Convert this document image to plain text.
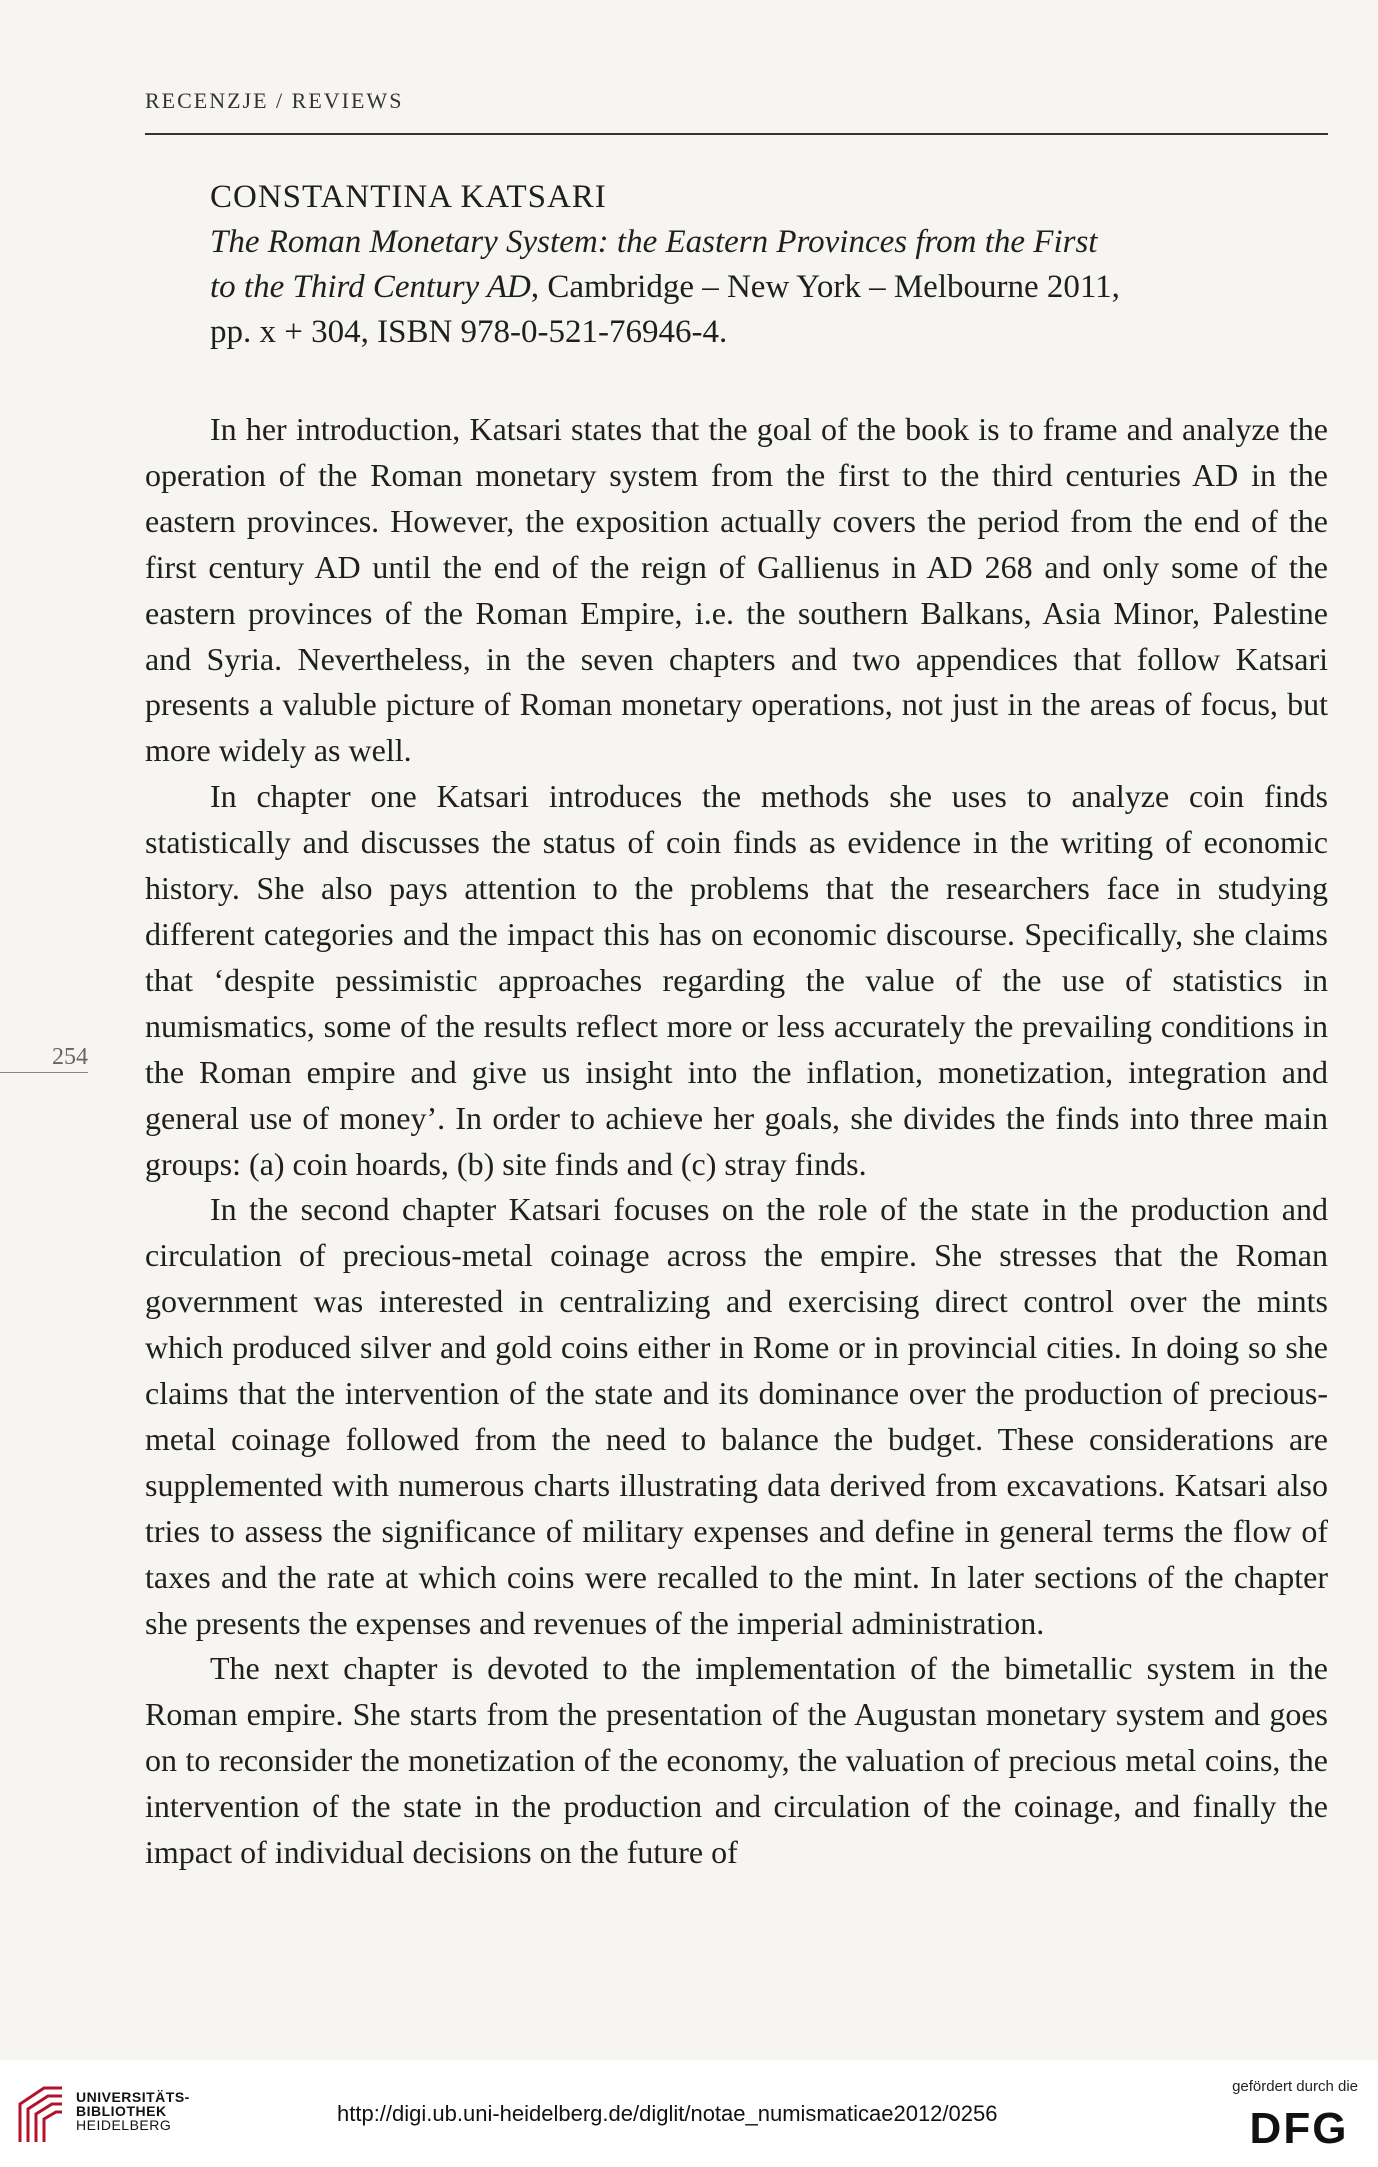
RECENZJE / REVIEWS
CONSTANTINA KATSARI
The Roman Monetary System: the Eastern Provinces from the First
to the Third Century AD, Cambridge – New York – Melbourne 2011,
pp. x + 304, ISBN 978-0-521-76946-4.

In her introduction, Katsari states that the goal of the book is to frame and analyze the operation of the Roman monetary system from the first to the third centuries AD in the eastern provinces. However, the exposition actually covers the period from the end of the first century AD until the end of the reign of Gallienus in AD 268 and only some of the eastern provinces of the Roman Empire, i.e. the southern Balkans, Asia Minor, Palestine and Syria. Nevertheless, in the seven chapters and two appendices that follow Katsari presents a valuble picture of Roman monetary operations, not just in the areas of focus, but more widely as well.

In chapter one Katsari introduces the methods she uses to analyze coin finds statistically and discusses the status of coin finds as evidence in the writing of economic history. She also pays attention to the problems that the researchers face in studying different categories and the impact this has on economic discourse. Specifically, she claims that ‘despite pessimistic approaches regarding the value of the use of statistics in numismatics, some of the results reflect more or less accurately the prevailing conditions in the Roman empire and give us insight into the inflation, monetization, integration and general use of money’. In order to achieve her goals, she divides the finds into three main groups: (a) coin hoards, (b) site finds and (c) stray finds.

In the second chapter Katsari focuses on the role of the state in the production and circulation of precious-metal coinage across the empire. She stresses that the Roman government was interested in centralizing and exercising direct control over the mints which produced silver and gold coins either in Rome or in provincial cities. In doing so she claims that the intervention of the state and its dominance over the production of precious-metal coinage followed from the need to balance the budget. These considerations are supplemented with numerous charts illustrating data derived from excavations. Katsari also tries to assess the significance of military expenses and define in general terms the flow of taxes and the rate at which coins were recalled to the mint. In later sections of the chapter she presents the expenses and revenues of the imperial administration.

The next chapter is devoted to the implementation of the bimetallic system in the Roman empire. She starts from the presentation of the Augustan monetary system and goes on to reconsider the monetization of the economy, the valuation of precious metal coins, the intervention of the state in the production and circulation of the coinage, and finally the impact of individual decisions on the future of

254
UNIVERSITÄTS-
BIBLIOTHEK
HEIDELBERG	http://digi.ub.uni-heidelberg.de/diglit/notae_numismaticae2012/0256
gefördert durch die
DFG
